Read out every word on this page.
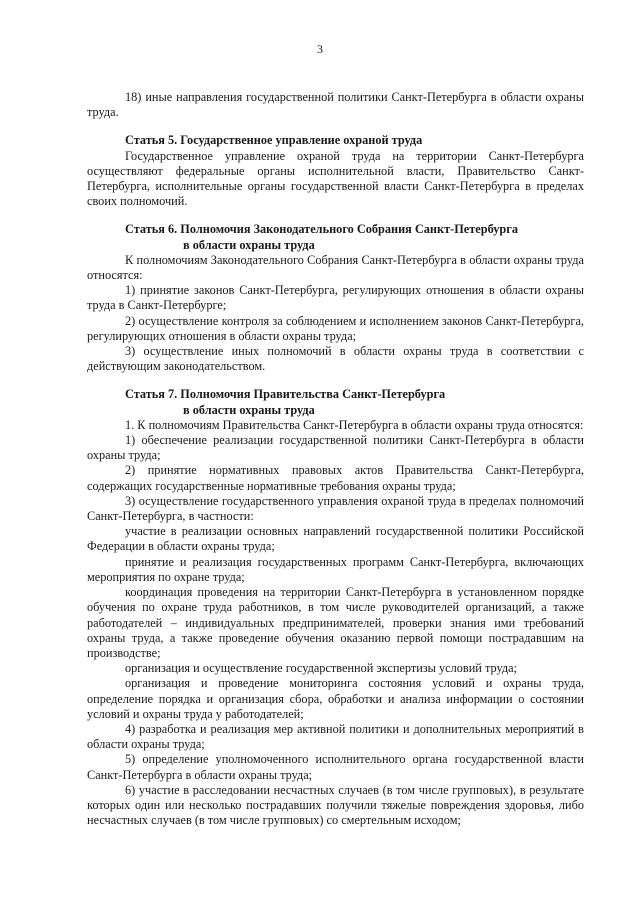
3

18) иные направления государственной политики Санкт-Петербурга в области охраны труда.

Статья 5. Государственное управление охраной труда

Государственное управление охраной труда на территории Санкт-Петербурга осуществляют федеральные органы исполнительной власти, Правительство Санкт-Петербурга, исполнительные органы государственной власти Санкт-Петербурга в пределах своих полномочий.

Статья 6. Полномочия Законодательного Собрания Санкт-Петербурга

в области охраны труда

К полномочиям Законодательного Собрания Санкт-Петербурга в области охраны труда относятся:

1) принятие законов Санкт-Петербурга, регулирующих отношения в области охраны труда в Санкт-Петербурге;

2) осуществление контроля за соблюдением и исполнением законов Санкт-Петербурга, регулирующих отношения в области охраны труда;

3) осуществление иных полномочий в области охраны труда в соответствии с действующим законодательством.

Статья 7. Полномочия Правительства Санкт-Петербурга

в области охраны труда

1. К полномочиям Правительства Санкт-Петербурга в области охраны труда относятся:

1) обеспечение реализации государственной политики Санкт-Петербурга в области охраны труда;

2) принятие нормативных правовых актов Правительства Санкт-Петербурга, содержащих государственные нормативные требования охраны труда;

3) осуществление государственного управления охраной труда в пределах полномочий Санкт-Петербурга, в частности:

участие в реализации основных направлений государственной политики Российской Федерации в области охраны труда;

принятие и реализация государственных программ Санкт-Петербурга, включающих мероприятия по охране труда;

координация проведения на территории Санкт-Петербурга в установленном порядке обучения по охране труда работников, в том числе руководителей организаций, а также работодателей – индивидуальных предпринимателей, проверки знания ими требований охраны труда, а также проведение обучения оказанию первой помощи пострадавшим на производстве;

организация и осуществление государственной экспертизы условий труда;

организация и проведение мониторинга состояния условий и охраны труда, определение порядка и организация сбора, обработки и анализа информации о состоянии условий и охраны труда у работодателей;

4) разработка и реализация мер активной политики и дополнительных мероприятий в области охраны труда;

5) определение уполномоченного исполнительного органа государственной власти Санкт-Петербурга в области охраны труда;

6) участие в расследовании несчастных случаев (в том числе групповых), в результате которых один или несколько пострадавших получили тяжелые повреждения здоровья, либо несчастных случаев (в том числе групповых) со смертельным исходом;
